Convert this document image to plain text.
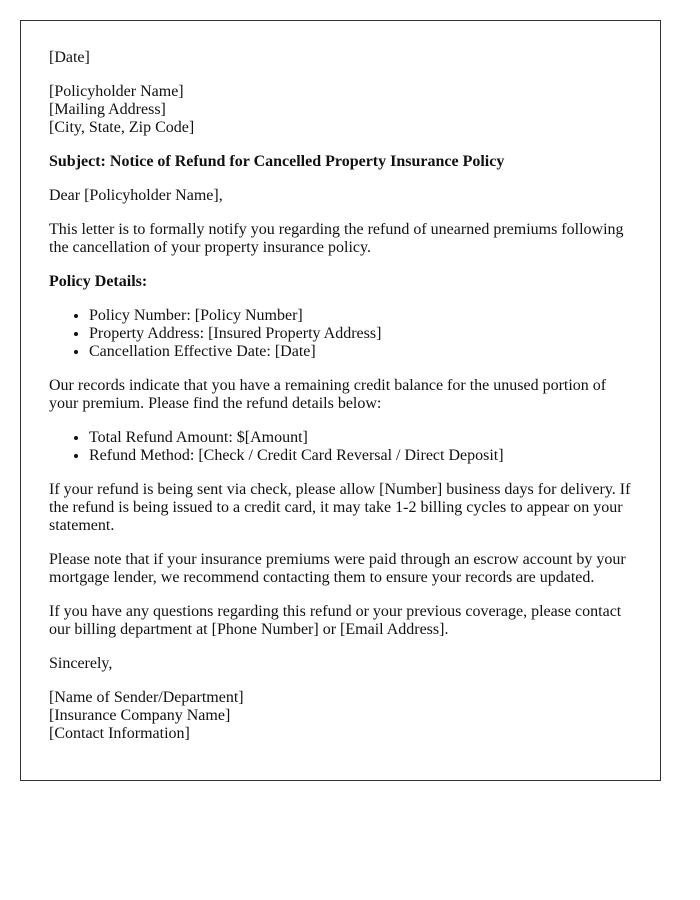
[Date]

[Policyholder Name]
[Mailing Address]
[City, State, Zip Code]

Subject: Notice of Refund for Cancelled Property Insurance Policy

Dear [Policyholder Name],

This letter is to formally notify you regarding the refund of unearned premiums following the cancellation of your property insurance policy.

Policy Details:

• Policy Number: [Policy Number]
• Property Address: [Insured Property Address]
• Cancellation Effective Date: [Date]

Our records indicate that you have a remaining credit balance for the unused portion of your premium. Please find the refund details below:

• Total Refund Amount: $[Amount]
• Refund Method: [Check / Credit Card Reversal / Direct Deposit]

If your refund is being sent via check, please allow [Number] business days for delivery. If the refund is being issued to a credit card, it may take 1-2 billing cycles to appear on your statement.

Please note that if your insurance premiums were paid through an escrow account by your mortgage lender, we recommend contacting them to ensure your records are updated.

If you have any questions regarding this refund or your previous coverage, please contact our billing department at [Phone Number] or [Email Address].

Sincerely,

[Name of Sender/Department]
[Insurance Company Name]
[Contact Information]
